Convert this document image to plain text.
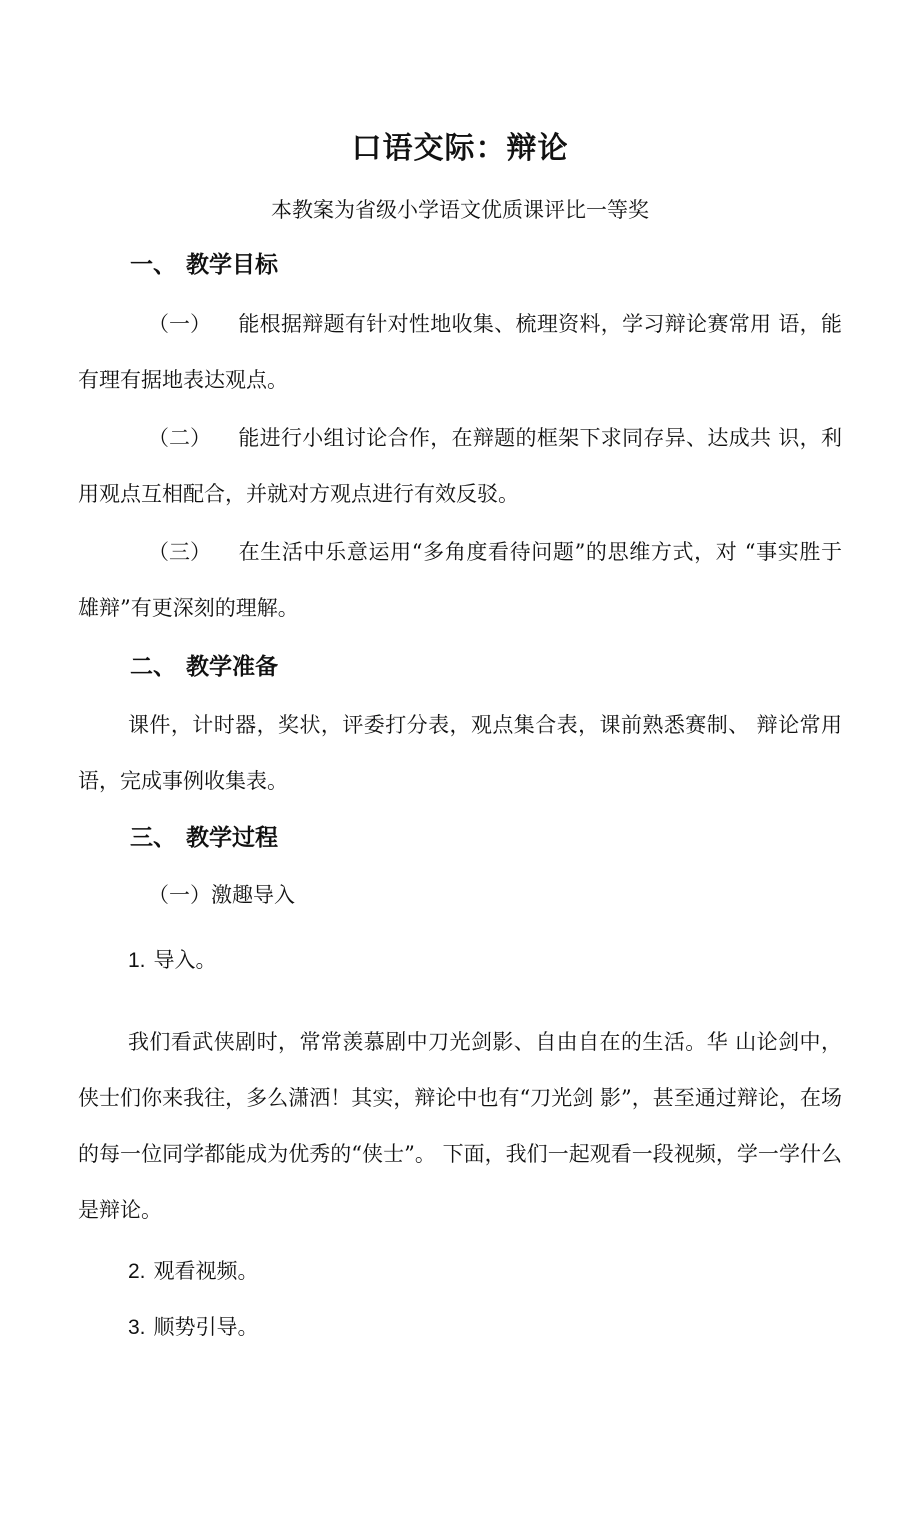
口语交际：辩论

本教案为省级小学语文优质课评比一等奖

一、 教学目标

（一） 能根据辩题有针对性地收集、梳理资料，学习辩论赛常用 语，能有理有据地表达观点。

（二） 能进行小组讨论合作，在辩题的框架下求同存异、达成共 识，利用观点互相配合，并就对方观点进行有效反驳。

（三） 在生活中乐意运用“多角度看待问题”的思维方式，对 “事实胜于雄辩”有更深刻的理解。

二、 教学准备

课件，计时器，奖状，评委打分表，观点集合表，课前熟悉赛制、 辩论常用语，完成事例收集表。

三、 教学过程

（一）激趣导入

1. 导入。

我们看武侠剧时，常常羡慕剧中刀光剑影、自由自在的生活。华 山论剑中，侠士们你来我往，多么潇洒！其实，辩论中也有“刀光剑 影”，甚至通过辩论，在场的每一位同学都能成为优秀的“侠士”。 下面，我们一起观看一段视频，学一学什么是辩论。

2. 观看视频。

3. 顺势引导。
